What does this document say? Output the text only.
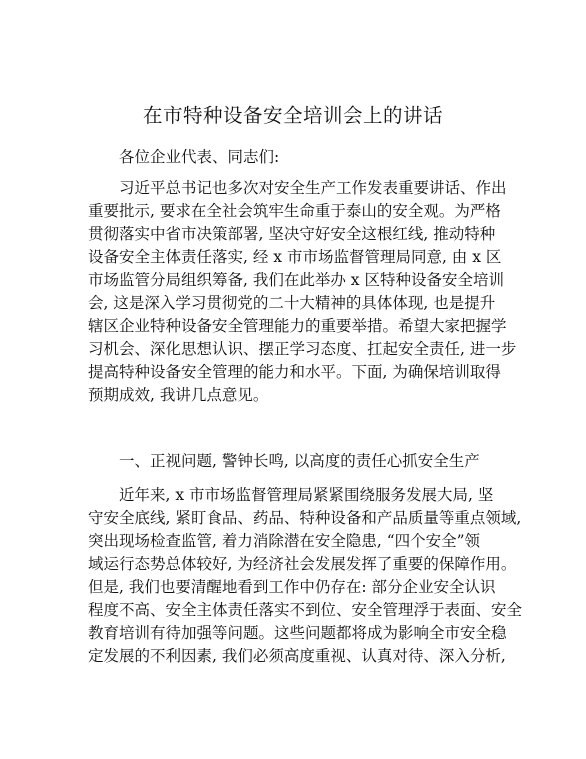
在市特种设备安全培训会上的讲话
各位企业代表、同志们:
习近平总书记也多次对安全生产工作发表重要讲话、作出
重要批示, 要求在全社会筑牢生命重于泰山的安全观。为严格
贯彻落实中省市决策部署, 坚决守好安全这根红线, 推动特种
设备安全主体责任落实, 经 x 市市场监督管理局同意, 由 x 区
市场监管分局组织筹备, 我们在此举办 x 区特种设备安全培训
会, 这是深入学习贯彻党的二十大精神的具体体现, 也是提升
辖区企业特种设备安全管理能力的重要举措。希望大家把握学
习机会、深化思想认识、摆正学习态度、扛起安全责任, 进一步
提高特种设备安全管理的能力和水平。下面, 为确保培训取得
预期成效, 我讲几点意见。
一、正视问题, 警钟长鸣, 以高度的责任心抓安全生产
近年来, x 市市场监督管理局紧紧围绕服务发展大局, 坚
守安全底线, 紧盯食品、药品、特种设备和产品质量等重点领域,
突出现场检查监管, 着力消除潜在安全隐患, “四个安全”领
域运行态势总体较好, 为经济社会发展发挥了重要的保障作用。
但是, 我们也要清醒地看到工作中仍存在: 部分企业安全认识
程度不高、安全主体责任落实不到位、安全管理浮于表面、安全
教育培训有待加强等问题。这些问题都将成为影响全市安全稳
定发展的不利因素, 我们必须高度重视、认真对待、深入分析,
